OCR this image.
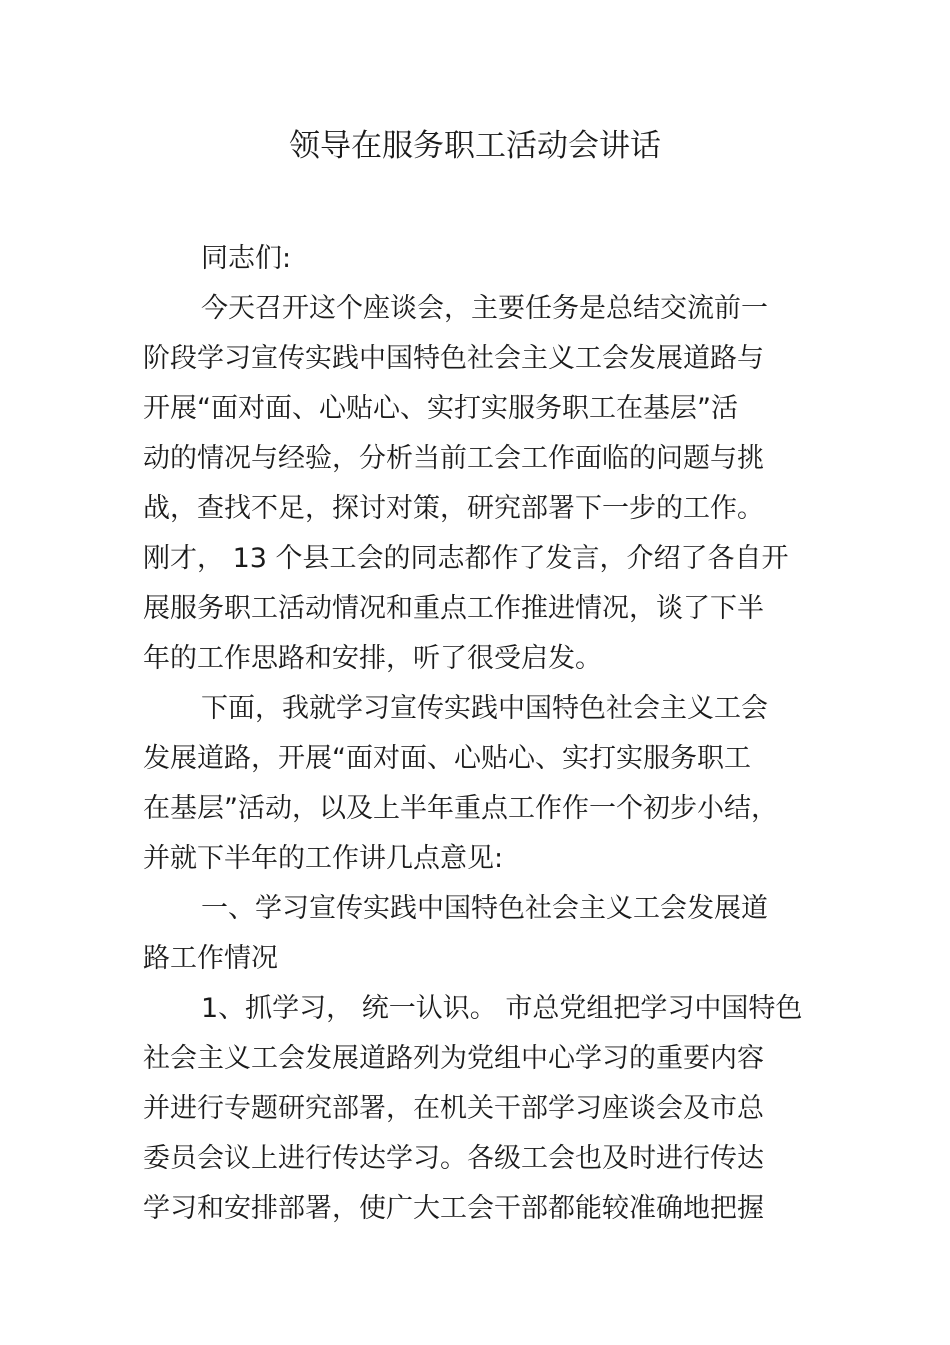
领导在服务职工活动会讲话
同志们:
今天召开这个座谈会，主要任务是总结交流前一
阶段学习宣传实践中国特色社会主义工会发展道路与
开展“面对面、心贴心、实打实服务职工在基层”活
动的情况与经验，分析当前工会工作面临的问题与挑
战，查找不足，探讨对策，研究部署下一步的工作。
刚才， 13 个县工会的同志都作了发言，介绍了各自开
展服务职工活动情况和重点工作推进情况，谈了下半
年的工作思路和安排，听了很受启发。
下面，我就学习宣传实践中国特色社会主义工会
发展道路，开展“面对面、心贴心、实打实服务职工
在基层”活动，以及上半年重点工作作一个初步小结，
并就下半年的工作讲几点意见:
一、学习宣传实践中国特色社会主义工会发展道
路工作情况
1、抓学习， 统一认识。 市总党组把学习中国特色
社会主义工会发展道路列为党组中心学习的重要内容
并进行专题研究部署，在机关干部学习座谈会及市总
委员会议上进行传达学习。各级工会也及时进行传达
学习和安排部署，使广大工会干部都能较准确地把握
